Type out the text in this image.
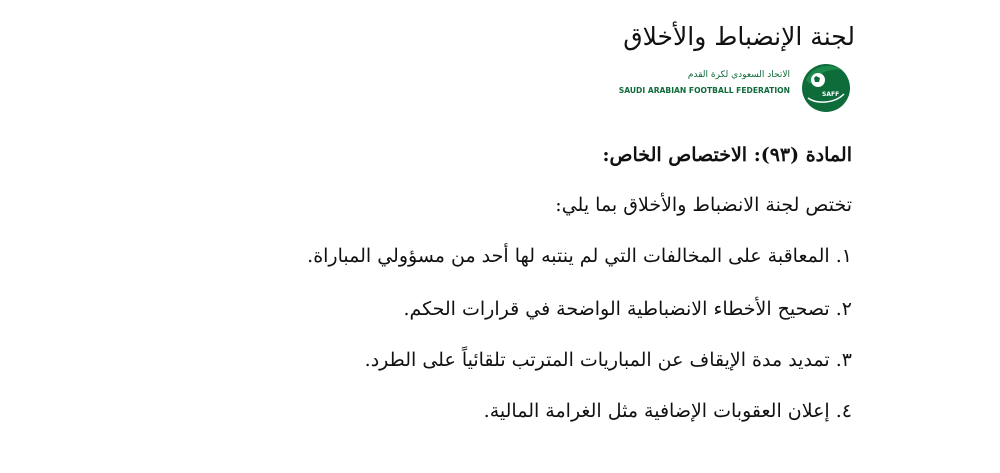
لجنة الإنضباط والأخلاق
الاتحاد السعودي لكرة القدم
SAUDI ARABIAN FOOTBALL FEDERATION	SAFF
المادة (٩٣): الاختصاص الخاص:
تختص لجنة الانضباط والأخلاق بما يلي:
١. المعاقبة على المخالفات التي لم ينتبه لها أحد من مسؤولي المباراة.
٢. تصحيح الأخطاء الانضباطية الواضحة في قرارات الحكم.
٣. تمديد مدة الإيقاف عن المباريات المترتب تلقائياً على الطرد.
٤. إعلان العقوبات الإضافية مثل الغرامة المالية.
